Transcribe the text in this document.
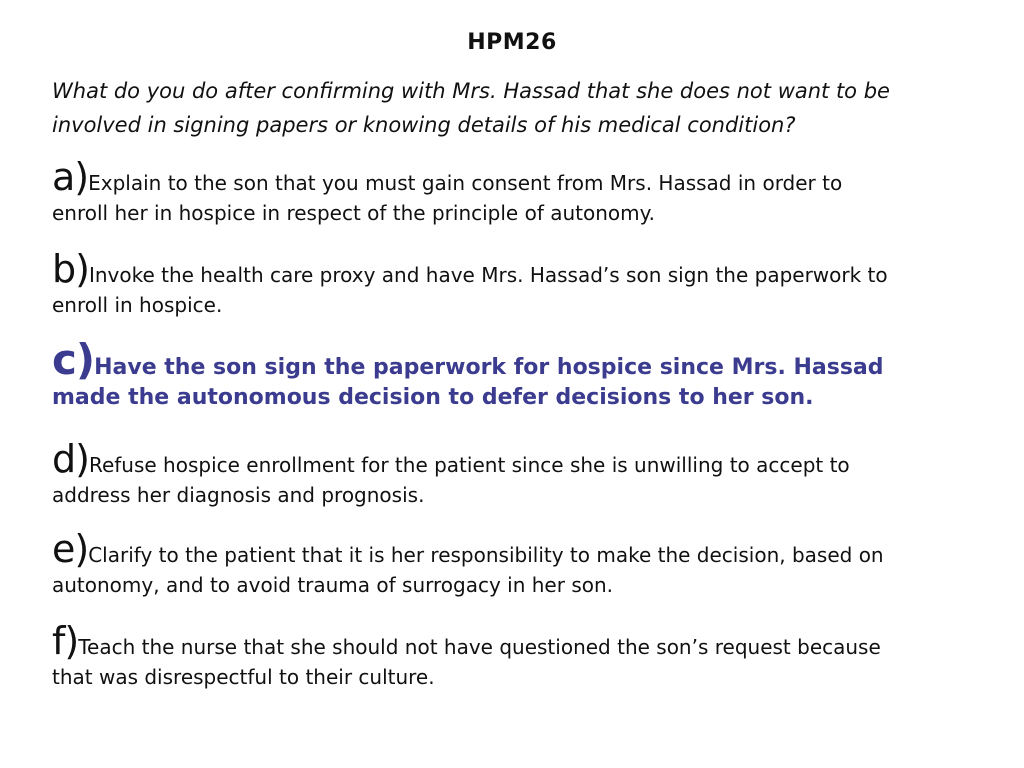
HPM26
What do you do after confirming with Mrs. Hassad that she does not want to be involved in signing papers or knowing details of his medical condition?
a)Explain to the son that you must gain consent from Mrs. Hassad in order to
enroll her in hospice in respect of the principle of autonomy.
b)Invoke the health care proxy and have Mrs. Hassad’s son sign the paperwork to
enroll in hospice.
c)Have the son sign the paperwork for hospice since Mrs. Hassad
made the autonomous decision to defer decisions to her son.
d)Refuse hospice enrollment for the patient since she is unwilling to accept to
address her diagnosis and prognosis.
e)Clarify to the patient that it is her responsibility to make the decision, based on
autonomy, and to avoid trauma of surrogacy in her son.
f)Teach the nurse that she should not have questioned the son’s request because
that was disrespectful to their culture.
